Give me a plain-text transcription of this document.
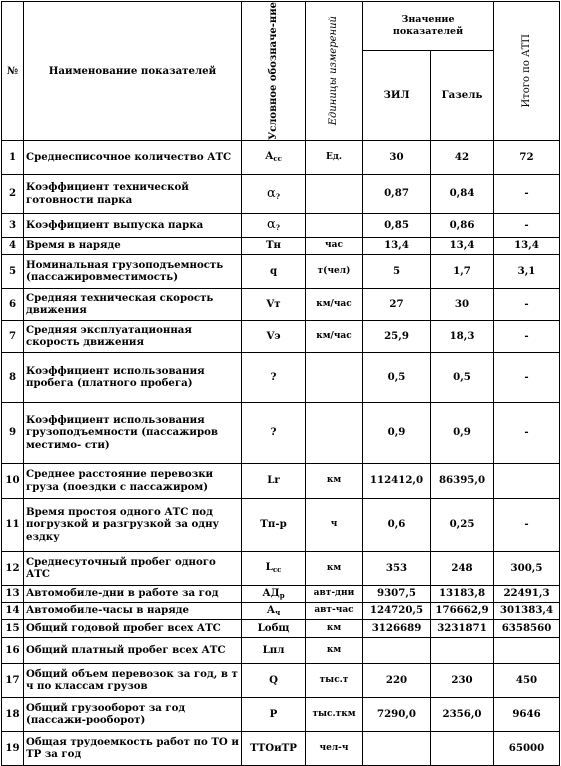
№	Наименование показателей	Условное обозначе-ние	Единицы измерений	Значение показателей		Итого по АТП

				ЗИЛ	Газель	
1	Среднесписочное количество АТС	$А_{сс}$	Ед.	30	42	72
2	Коэффициент технической готовности парка	$\alpha_?$		0,87	0,84	-
3	Коэффициент выпуска парка	$\alpha_?$		0,85	0,86	-
4	Время в наряде	Тн	час	13,4	13,4	13,4
5	Номинальная грузоподъемность (пассажировместимость)	q	т(чел)	5	1,7	3,1
6	Средняя техническая скорость движения	Vт	км/час	27	30	-
7	Средняя эксплуатационная скорость движения	Vэ	км/час	25,9	18,3	-
8	Коэффициент использования пробега (платного пробега)	?		0,5	0,5	-
9	Коэффициент использования грузоподъемности (пассажиров местимо- сти)	?		0,9	0,9	-
10	Среднее расстояние перевозки груза (поездки с пассажиром)	Lr	км	112412,0	86395,0	
11	Время простоя одного АТС под погрузкой и разгрузкой за одну ездку	Тп-р	ч	0,6	0,25	-
12	Среднесуточный пробег одного АТС	$L_{сс}$	км	353	248	300,5
13	Автомобиле-дни в работе за год	$АД_р$	авт-дни	9307,5	13183,8	22491,3
14	Автомобиле-часы в наряде	$А_ч$	авт-час	124720,5	176662,9	301383,4
15	Общий годовой пробег всех АТС	Lобщ	км	3126689	3231871	6358560
16	Общий платный пробег всех АТС	Lпл	км			
17	Общий объем перевозок за год, в т ч по классам грузов	Q	тыс.т	220	230	450
18	Общий грузооборот за год (пассажи-рооборот)	Р	тыс.ткм	7290,0	2356,0	9646
19	Общая трудоемкость работ по ТО и ТР за год	ТТОиТР	чел-ч			65000
